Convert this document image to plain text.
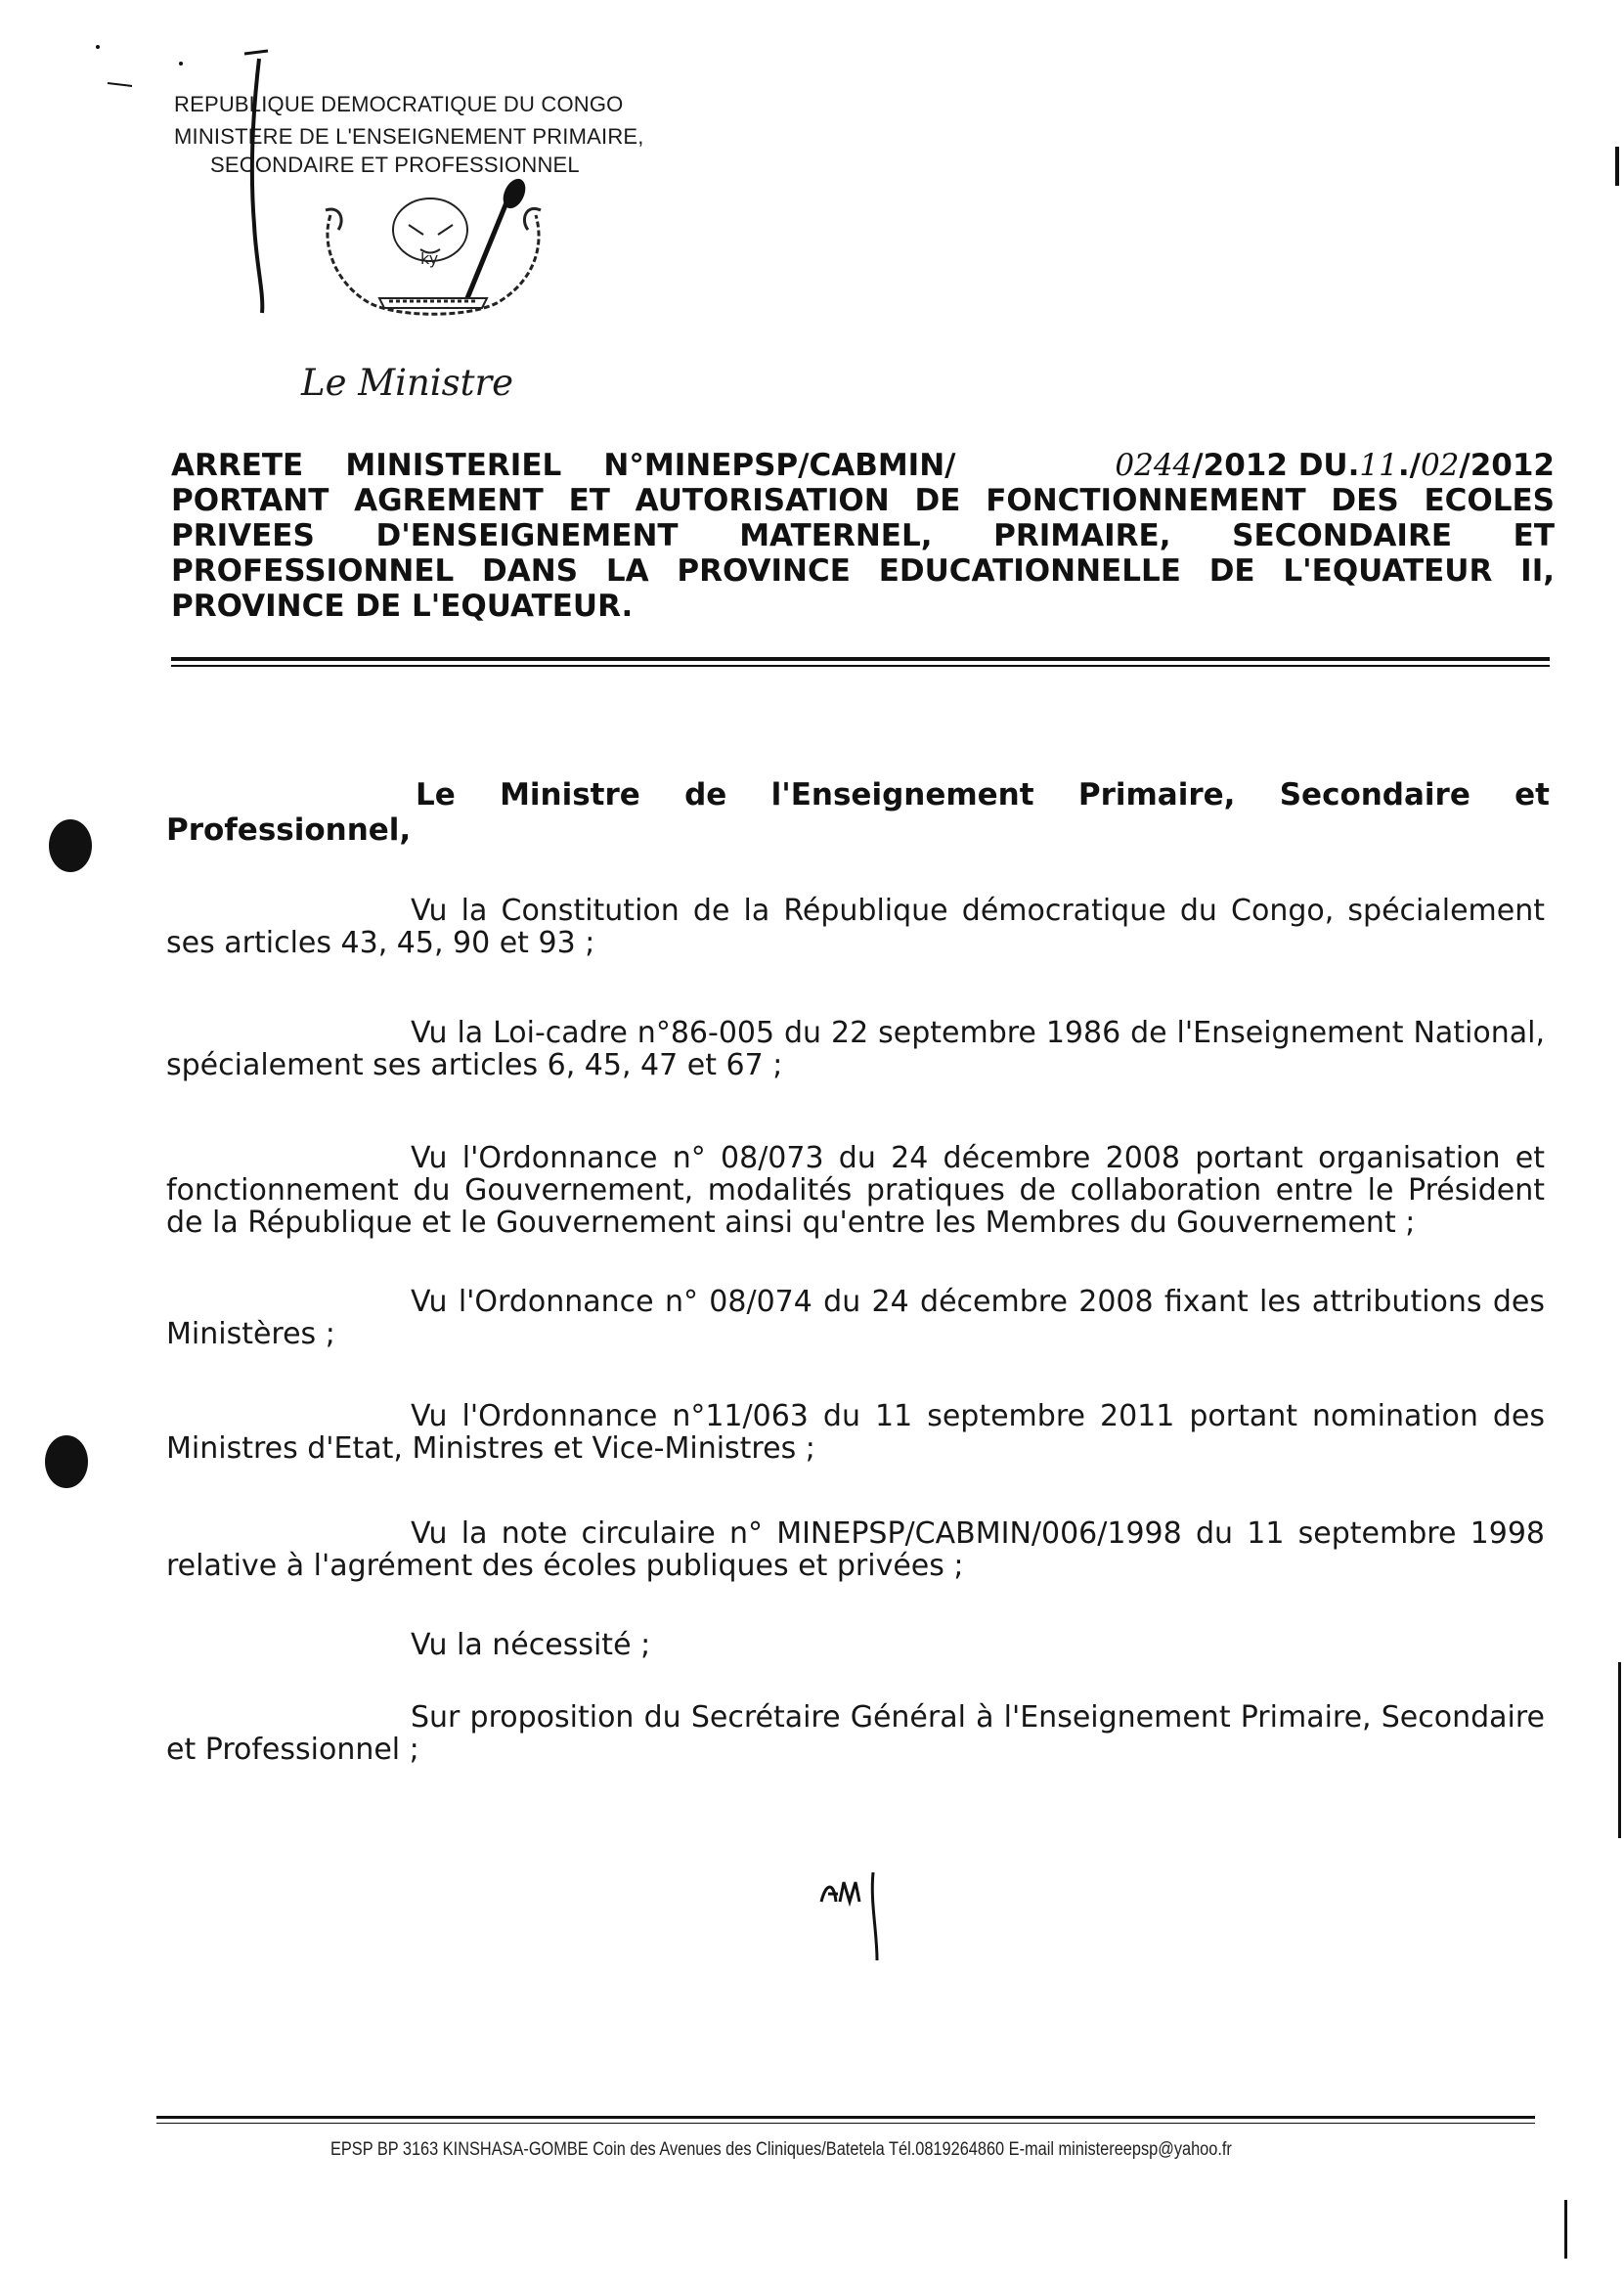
REPUBLIQUE DEMOCRATIQUE DU CONGO
MINISTERE DE L'ENSEIGNEMENT PRIMAIRE,
SECONDAIRE ET PROFESSIONNEL
ky
Le Ministre
ARRETE    MINISTERIEL    N°MINEPSP/CABMIN/	0244 /2012 DU. 11 ./ 02 /2012
PORTANT AGREMENT ET AUTORISATION DE FONCTIONNEMENT DES ECOLES
PRIVEES D'ENSEIGNEMENT MATERNEL, PRIMAIRE, SECONDAIRE ET
PROFESSIONNEL DANS LA PROVINCE EDUCATIONNELLE DE L'EQUATEUR II,
PROVINCE DE L'EQUATEUR.
Le Ministre de l'Enseignement Primaire, Secondaire et Professionnel,
Vu la Constitution de la République démocratique du Congo, spécialement ses articles 43, 45, 90 et 93 ;
Vu la Loi-cadre n°86-005 du 22 septembre 1986 de l'Enseignement National, spécialement ses articles 6, 45, 47 et 67 ;
Vu l'Ordonnance n° 08/073 du 24 décembre 2008 portant organisation et fonctionnement du Gouvernement, modalités pratiques de collaboration entre le Président de la République et le Gouvernement ainsi qu'entre les Membres du Gouvernement ;
Vu l'Ordonnance n° 08/074 du 24 décembre 2008 fixant les attributions des Ministères ;
Vu l'Ordonnance n°11/063 du 11 septembre 2011 portant nomination des Ministres d'Etat, Ministres et Vice-Ministres ;
Vu la note circulaire n° MINEPSP/CABMIN/006/1998 du 11 septembre 1998 relative à l'agrément des écoles publiques et privées ;
Vu la nécessité ;
Sur proposition du Secrétaire Général à l'Enseignement Primaire, Secondaire et Professionnel ;
EPSP BP 3163 KINSHASA-GOMBE Coin des Avenues des Cliniques/Batetela Tél.0819264860 E-mail ministereepsp@yahoo.fr
